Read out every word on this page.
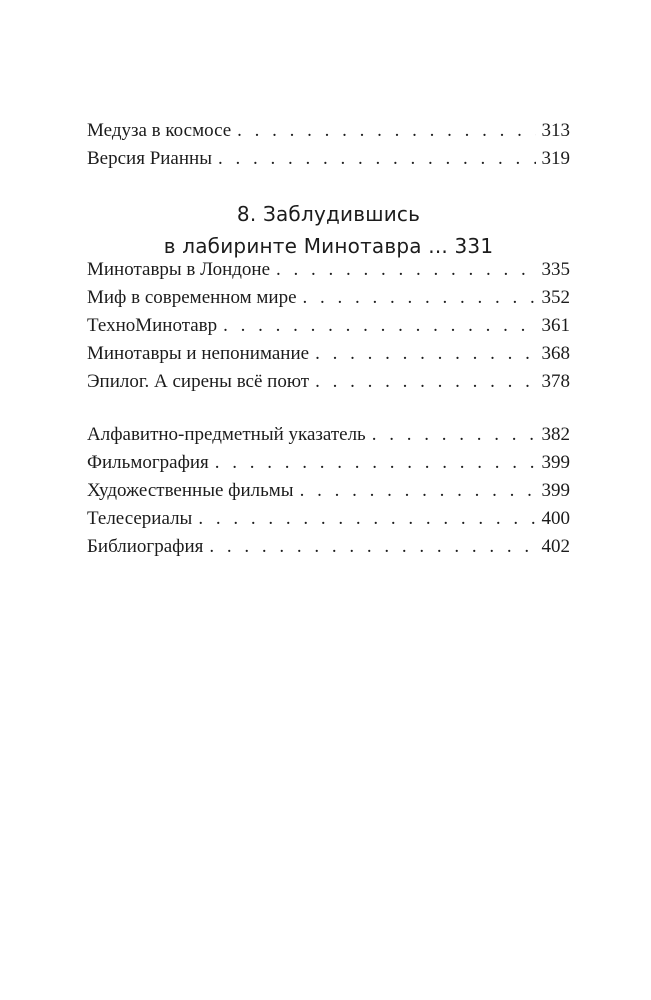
Медуза в космосе . . .	313
Версия Рианны . . .	319
8. Заблудившись
в лабиринте Минотавра ... 331
Минотавры в Лондоне . . .	335
Миф в современном мире . . .	352
ТехноМинотавр . . .	361
Минотавры и непонимание . . .	368
Эпилог. А сирены всё поют . . .	378
Алфавитно-предметный указатель . . .	382
Фильмография . . .	399
Художественные фильмы . . .	399
Телесериалы . . .	400
Библиография . . .	402
